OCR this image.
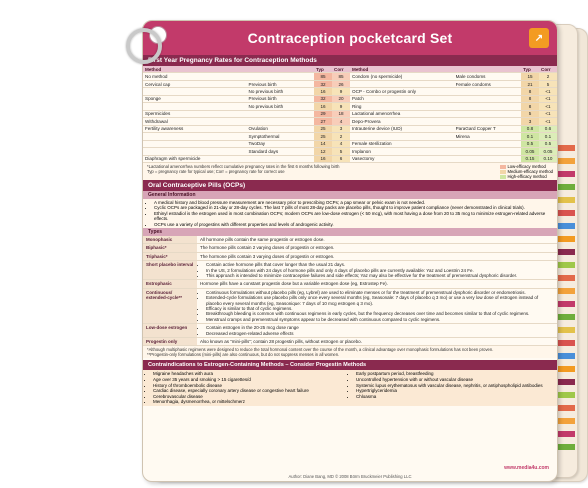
Contraception pocketcard Set	↗
First Year Pregnancy Rates for Contraception Methods
Method		Typ	Corr
No method		85	85
Cervical cap	Previous birth	32	26
	No previous birth	16	9
Sponge	Previous birth	32	20
	No previous birth	16	9
Spermicides		29	18
Withdrawal		27	4
Fertility awareness	Ovulation	25	3
	Symptothermal	25	2
	TwoDay	14	4
	Standard days	12	5
Diaphragm with spermicide		16	6
Method		Typ	Corr
Condom (no spermicide)	Male condoms	15	2
	Female condoms	21	5
OCP - Combo or progestin only		8	<1
Patch		8	<1
Ring		8	<1
Lactational amenorrhea		5	<1
Depo-Provera		3	<1
Intrauterine device (IUD)	ParaGard Copper T	0.8	0.6
	Mirena	0.1	0.1
Female sterilization		0.5	0.5
Implanon		0.05	0.05
Vasectomy		0.15	0.10
*Lactational amenorrhea numbers reflect cumulative pregnancy rates in the first 6 months following birth
Typ = pregnancy rate for typical use; Corr = pregnancy rate for correct use
Low-efficacy method
Medium-efficacy method
High-efficacy method
Oral Contraceptive Pills (OCPs)
General Information
• A medical history and blood pressure measurement are necessary prior to prescribing OCPs; a pap smear or pelvic exam is not needed.
• Cyclic OCPs are packaged in 21-day or 28-day cycles. The last 7 pills of most 28-day packs are placebo pills, thought to improve patient compliance (never demonstrated in clinical trials).
• Ethinyl estradiol is the estrogen used in most combination OCPs; modern OCPs are low-dose estrogen (< 50 mcg), with most having a dose from 20 to 35 mcg to minimize estrogen-related adverse effects.
• OCPs use a variety of progestins with different properties and levels of androgenic activity.
Types
Monophasic	All hormone pills contain the same progestin or estrogen dose.
Biphasic*	The hormone pills contain 2 varying doses of progestin or estrogen.
Triphasic*	The hormone pills contain 3 varying doses of progestin or estrogen.
Short placebo interval	• Contain active hormone pills that cover longer than the usual 21 days.
• In the US, 2 formulations with 24 days of hormone pills and only 4 days of placebo pills are currently available: Yaz and Loestrin 24 Fe.
• This approach is intended to minimize contraceptive failures and side effects; Yaz may also be effective for the treatment of premenstrual dysphoric disorder.
Estrophasic	Hormone pills have a constant progestin dose but a variable estrogen dose (eg, Estrostep Fe).
Continuous/ extended-cycle**
• Continuous formulations without placebo pills (eg, Lybrel) are used to eliminate menses or for the treatment of premenstrual dysphoric disorder or endometriosis.
• Extended-cycle formulations use placebo pills only once every several months (eg, Seasonale: 7 days of placebo q 3 mo) or use a very low dose of estrogen instead of placebo every several months (eg, Seasonique: 7 days of 10 mcg estrogen q 3 mo).
• Efficacy is similar to that of cyclic regimens.
• Breakthrough bleeding is common with continuous regimens in early cycles, but the frequency decreases over time and becomes similar to that of cyclic regimens.
• Menstrual cramps and premenstrual symptoms appear to be decreased with continuous compared to cyclic regimens.
Low-dose estrogen	• Contain estrogen in the 20-25 mcg dose range
• Decreased estrogen-related adverse effects
Progestin only	Also known as “mini-pills”; contain 28 progestin pills, without estrogen or placebo.
*Although multiphasic regimens were designed to reduce the total hormonal content over the course of the month, a clinical advantage over monophasic formulations has not been proven.
**Progestin-only formulations (mini-pills) are also continuous, but do not suppress menses in all women.
Contraindications to Estrogen-Containing Methods – Consider Progestin Methods
• Migraine headaches with aura
• Age over 35 years and smoking > 15 cigarettes/d
• History of thromboembolic disease
• Cardiac disease, especially coronary artery disease or congestive heart failure
• Cerebrovascular disease
• Menorrhagia, dysmenorrhea, or mittelschmerz
• Early postpartum period, breastfeeding
• Uncontrolled hypertension with or without vascular disease
• Systemic lupus erythematosus with vascular disease, nephritis, or antiphospholipid antibodies
• Hypertriglyceridemia
• Chloasma
www.media4u.com
Author: Diane Bang, MD © 2008 Börm Bruckmeier Publishing LLC
